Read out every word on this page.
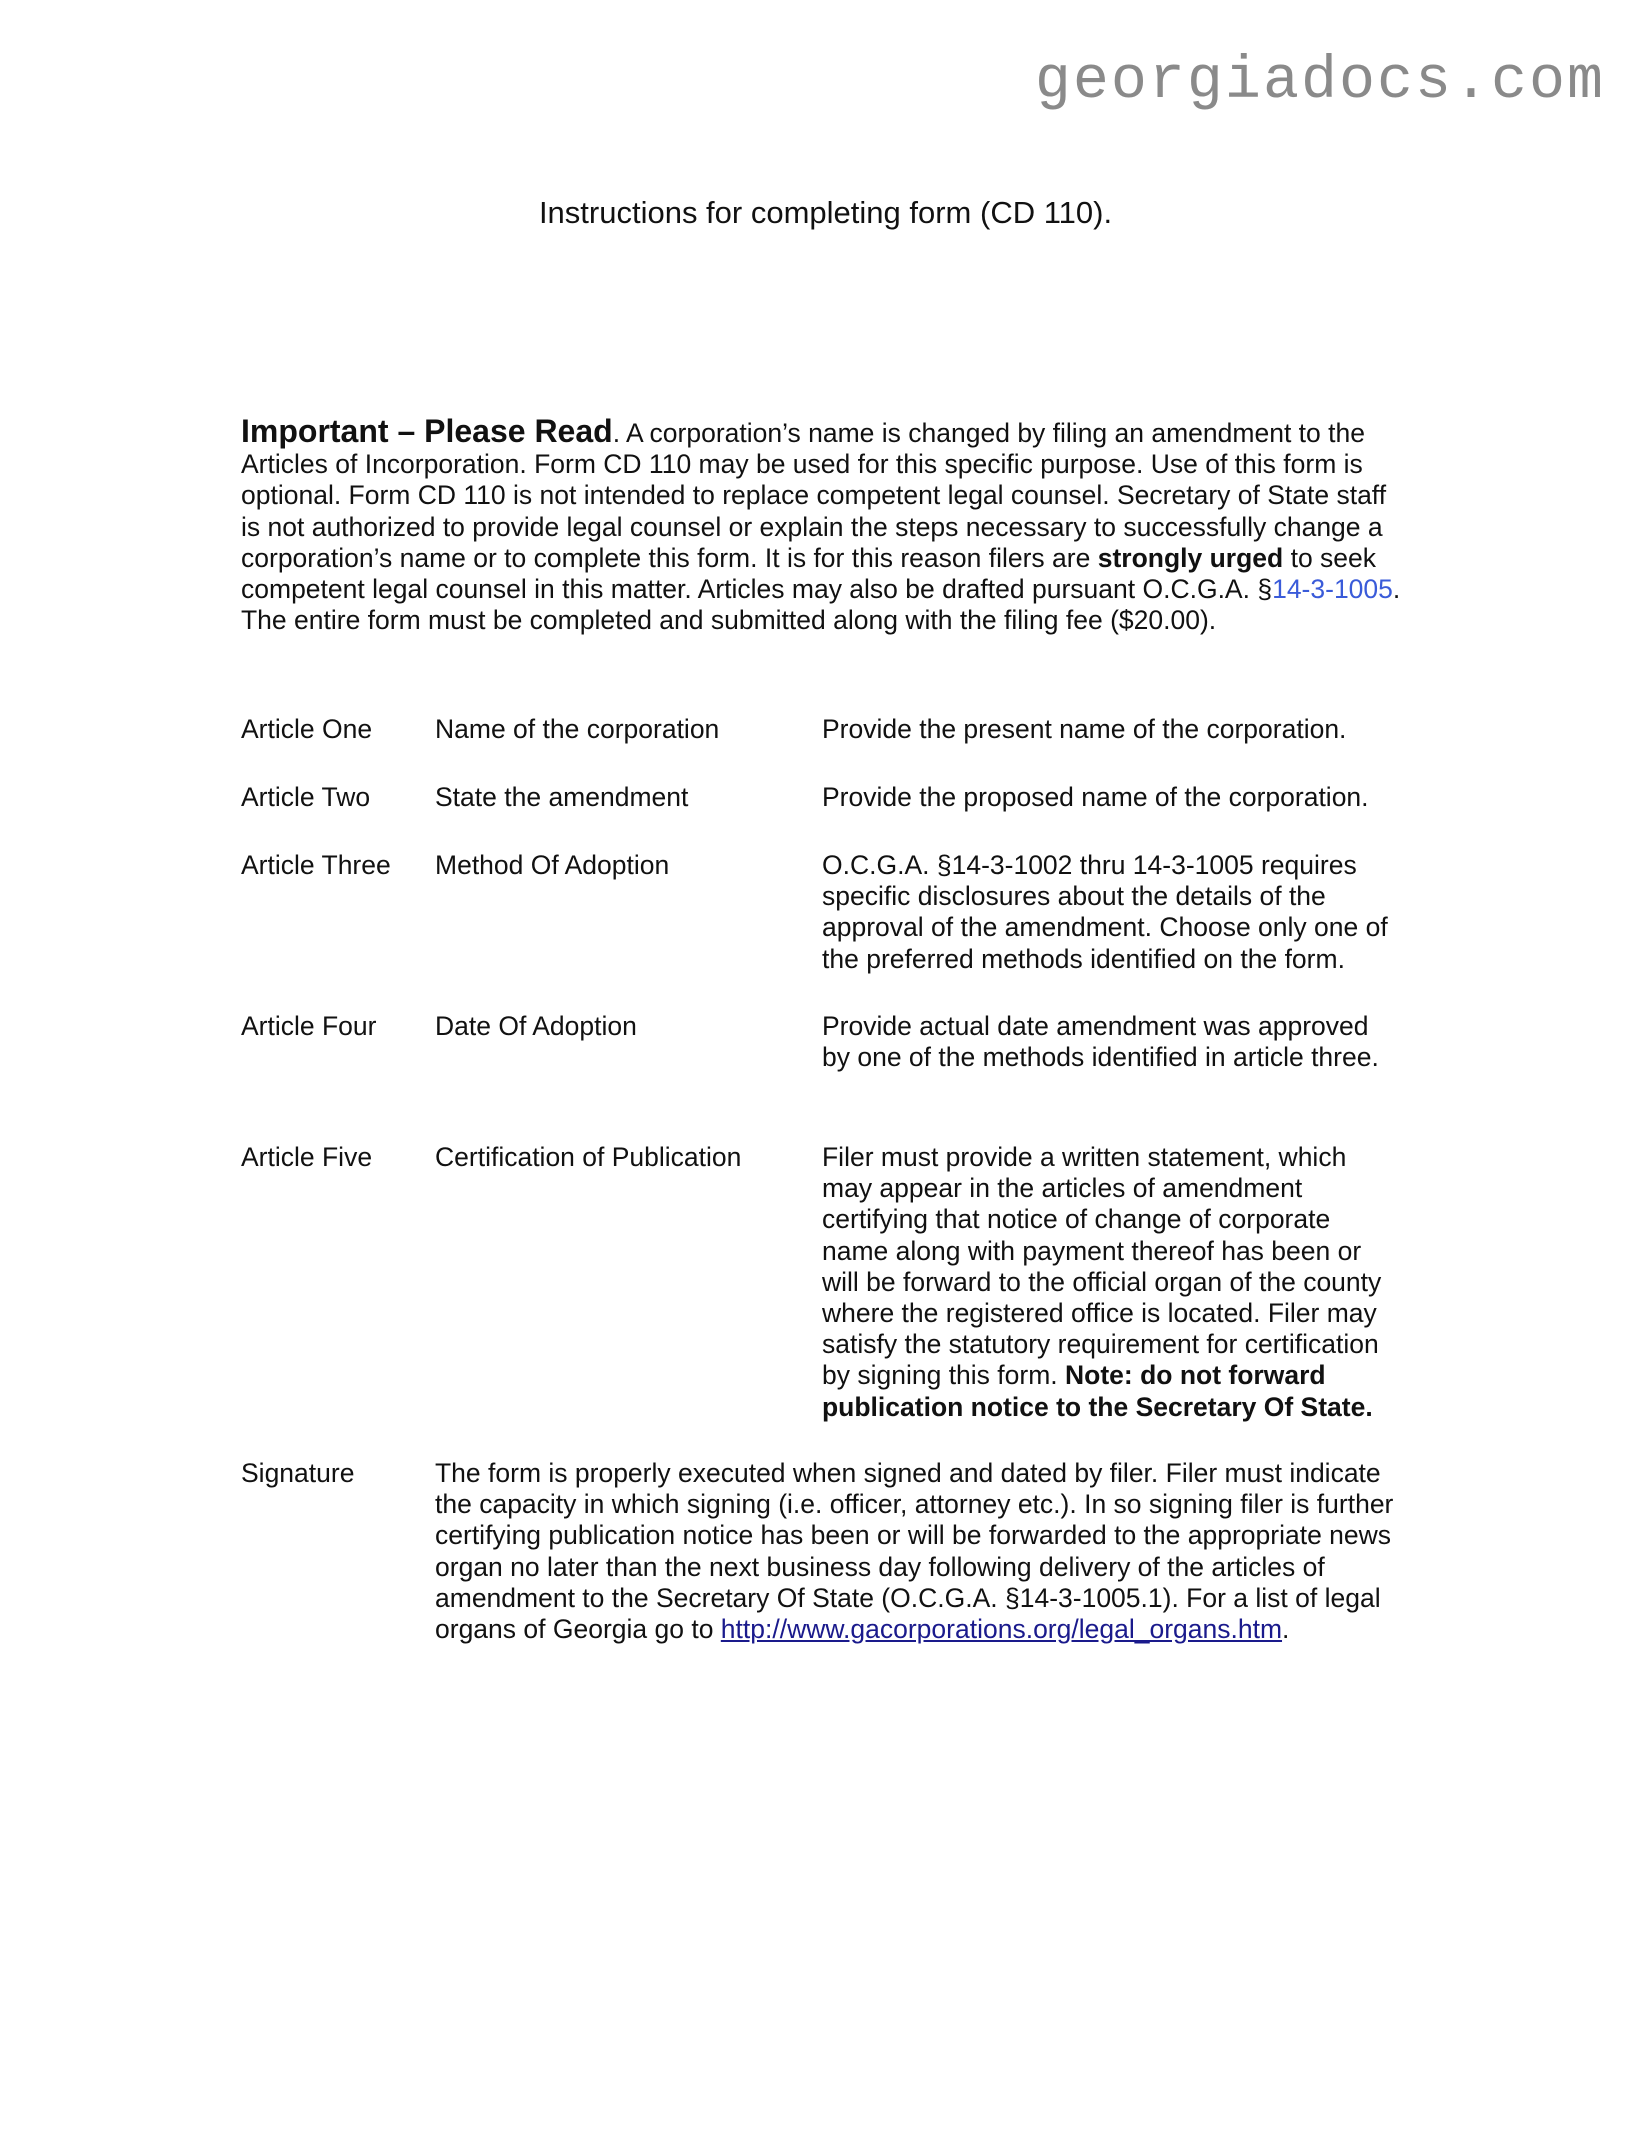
georgiadocs.com
Instructions for completing form (CD 110).
Important – Please Read. A corporation’s name is changed by filing an amendment to the Articles of Incorporation. Form CD 110 may be used for this specific purpose. Use of this form is optional. Form CD 110 is not intended to replace competent legal counsel. Secretary of State staff is not authorized to provide legal counsel or explain the steps necessary to successfully change a corporation’s name or to complete this form. It is for this reason filers are strongly urged to seek competent legal counsel in this matter. Articles may also be drafted pursuant O.C.G.A. §14-3-1005. The entire form must be completed and submitted along with the filing fee ($20.00).
Article One	Name of the corporation	Provide the present name of the corporation.
Article Two	State the amendment	Provide the proposed name of the corporation.
Article Three	Method Of Adoption	O.C.G.A. §14-3-1002 thru 14-3-1005 requires specific disclosures about the details of the approval of the amendment. Choose only one of the preferred methods identified on the form.
Article Four	Date Of Adoption	Provide actual date amendment was approved by one of the methods identified in article three.
Article Five	Certification of Publication	Filer must provide a written statement, which may appear in the articles of amendment certifying that notice of change of corporate name along with payment thereof has been or will be forward to the official organ of the county where the registered office is located. Filer may satisfy the statutory requirement for certification by signing this form. Note: do not forward publication notice to the Secretary Of State.
Signature	The form is properly executed when signed and dated by filer. Filer must indicate the capacity in which signing (i.e. officer, attorney etc.). In so signing filer is further certifying publication notice has been or will be forwarded to the appropriate news organ no later than the next business day following delivery of the articles of amendment to the Secretary Of State (O.C.G.A. §14-3-1005.1). For a list of legal organs of Georgia go to http://www.gacorporations.org/legal_organs.htm.
